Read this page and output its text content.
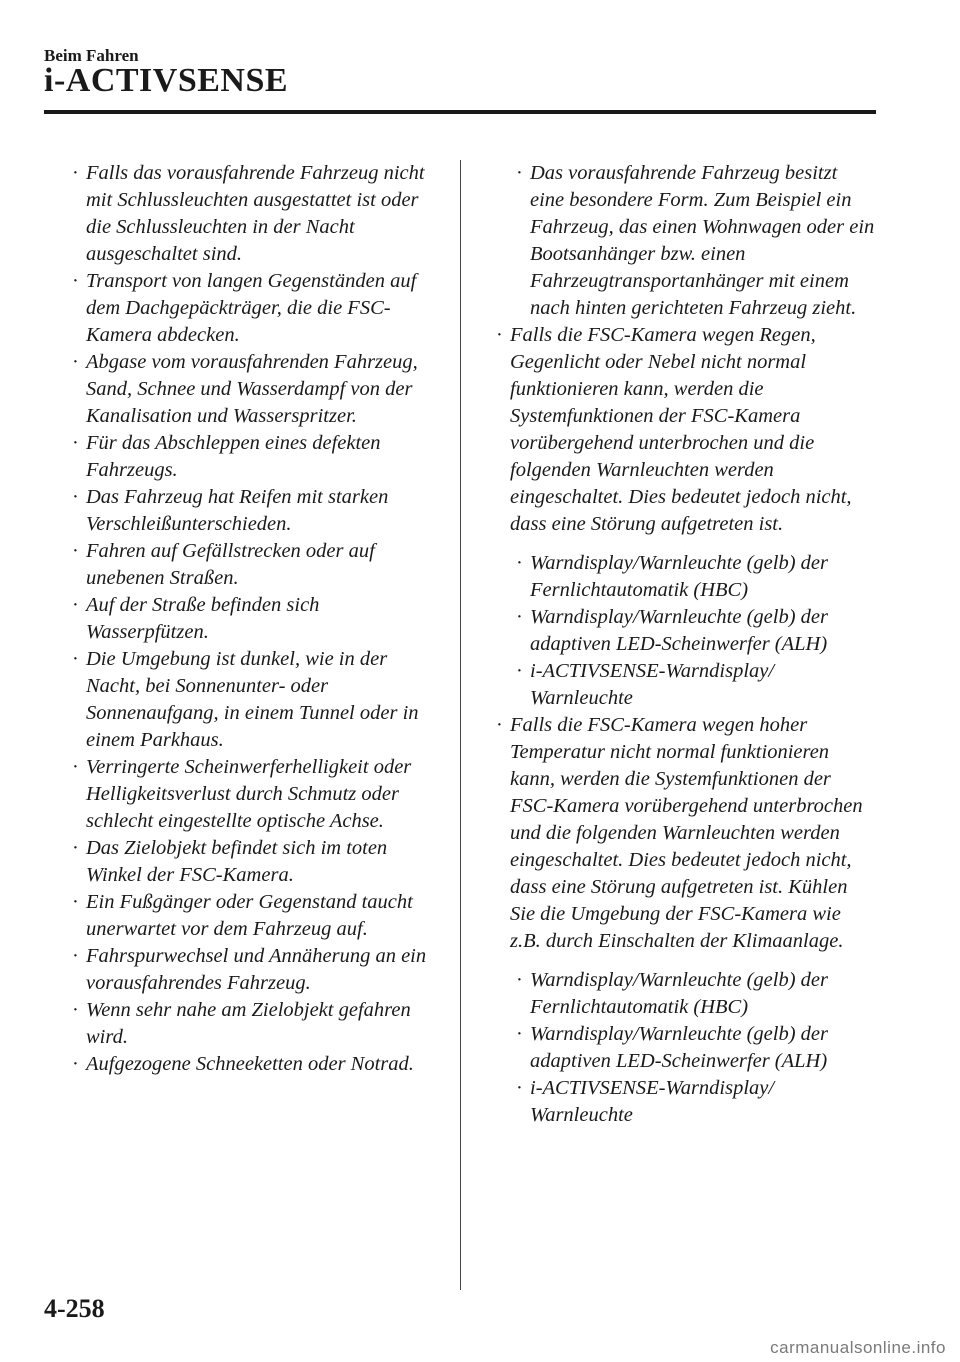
Beim Fahren
i-ACTIVSENSE
· Falls das vorausfahrende Fahrzeug nicht mit Schlussleuchten ausgestattet ist oder die Schlussleuchten in der Nacht ausgeschaltet sind.
· Transport von langen Gegenständen auf dem Dachgepäckträger, die die FSC-Kamera abdecken.
· Abgase vom vorausfahrenden Fahrzeug, Sand, Schnee und Wasserdampf von der Kanalisation und Wasserspritzer.
· Für das Abschleppen eines defekten Fahrzeugs.
· Das Fahrzeug hat Reifen mit starken Verschleißunterschieden.
· Fahren auf Gefällstrecken oder auf unebenen Straßen.
· Auf der Straße befinden sich Wasserpfützen.
· Die Umgebung ist dunkel, wie in der Nacht, bei Sonnenunter- oder Sonnenaufgang, in einem Tunnel oder in einem Parkhaus.
· Verringerte Scheinwerferhelligkeit oder Helligkeitsverlust durch Schmutz oder schlecht eingestellte optische Achse.
· Das Zielobjekt befindet sich im toten Winkel der FSC-Kamera.
· Ein Fußgänger oder Gegenstand taucht unerwartet vor dem Fahrzeug auf.
· Fahrspurwechsel und Annäherung an ein vorausfahrendes Fahrzeug.
· Wenn sehr nahe am Zielobjekt gefahren wird.
· Aufgezogene Schneeketten oder Notrad.
· Das vorausfahrende Fahrzeug besitzt eine besondere Form. Zum Beispiel ein Fahrzeug, das einen Wohnwagen oder ein Bootsanhänger bzw. einen Fahrzeugtransportanhänger mit einem nach hinten gerichteten Fahrzeug zieht.
· Falls die FSC-Kamera wegen Regen, Gegenlicht oder Nebel nicht normal funktionieren kann, werden die Systemfunktionen der FSC-Kamera vorübergehend unterbrochen und die folgenden Warnleuchten werden eingeschaltet. Dies bedeutet jedoch nicht, dass eine Störung aufgetreten ist.
· Warndisplay/Warnleuchte (gelb) der Fernlichtautomatik (HBC)
· Warndisplay/Warnleuchte (gelb) der adaptiven LED-Scheinwerfer (ALH)
· i-ACTIVSENSE-Warndisplay/ Warnleuchte
· Falls die FSC-Kamera wegen hoher Temperatur nicht normal funktionieren kann, werden die Systemfunktionen der FSC-Kamera vorübergehend unterbrochen und die folgenden Warnleuchten werden eingeschaltet. Dies bedeutet jedoch nicht, dass eine Störung aufgetreten ist. Kühlen Sie die Umgebung der FSC-Kamera wie z.B. durch Einschalten der Klimaanlage.
· Warndisplay/Warnleuchte (gelb) der Fernlichtautomatik (HBC)
· Warndisplay/Warnleuchte (gelb) der adaptiven LED-Scheinwerfer (ALH)
· i-ACTIVSENSE-Warndisplay/ Warnleuchte
4-258
carmanualsonline.info
